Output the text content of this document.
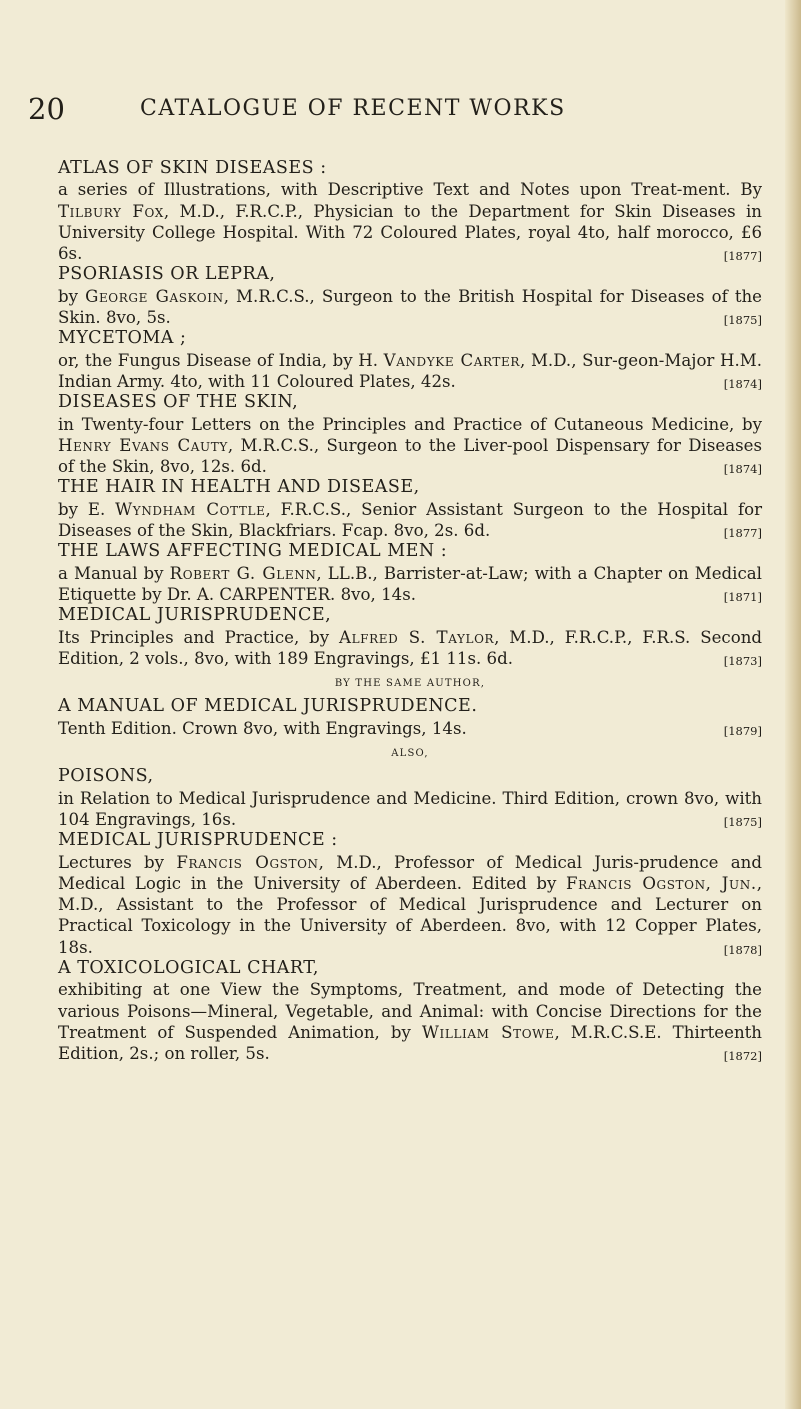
20	CATALOGUE OF RECENT WORKS
ATLAS OF SKIN DISEASES :
a series of Illustrations, with Descriptive Text and Notes upon Treat-ment. By Tilbury Fox, M.D., F.R.C.P., Physician to the Department for Skin Diseases in University College Hospital. With 72 Coloured Plates, royal 4to, half morocco, £6 6s.	[1877]
PSORIASIS OR LEPRA,
by George Gaskoin, M.R.C.S., Surgeon to the British Hospital for Diseases of the Skin. 8vo, 5s.	[1875]
MYCETOMA ;
or, the Fungus Disease of India, by H. Vandyke Carter, M.D., Sur-geon-Major H.M. Indian Army. 4to, with 11 Coloured Plates, 42s.	[1874]
DISEASES OF THE SKIN,
in Twenty-four Letters on the Principles and Practice of Cutaneous Medicine, by Henry Evans Cauty, M.R.C.S., Surgeon to the Liver-pool Dispensary for Diseases of the Skin, 8vo, 12s. 6d.	[1874]
THE HAIR IN HEALTH AND DISEASE,
by E. Wyndham Cottle, F.R.C.S., Senior Assistant Surgeon to the Hospital for Diseases of the Skin, Blackfriars. Fcap. 8vo, 2s. 6d.	[1877]
THE LAWS AFFECTING MEDICAL MEN :
a Manual by Robert G. Glenn, LL.B., Barrister-at-Law; with a Chapter on Medical Etiquette by Dr. A. CARPENTER. 8vo, 14s.	[1871]
MEDICAL JURISPRUDENCE,
Its Principles and Practice, by Alfred S. Taylor, M.D., F.R.C.P., F.R.S. Second Edition, 2 vols., 8vo, with 189 Engravings, £1 11s. 6d.	[1873]
BY THE SAME AUTHOR,
A MANUAL OF MEDICAL JURISPRUDENCE.
Tenth Edition. Crown 8vo, with Engravings, 14s.	[1879]
ALSO,
POISONS,
in Relation to Medical Jurisprudence and Medicine. Third Edition, crown 8vo, with 104 Engravings, 16s.	[1875]
MEDICAL JURISPRUDENCE :
Lectures by Francis Ogston, M.D., Professor of Medical Juris-prudence and Medical Logic in the University of Aberdeen. Edited by Francis Ogston, Jun., M.D., Assistant to the Professor of Medical Jurisprudence and Lecturer on Practical Toxicology in the University of Aberdeen. 8vo, with 12 Copper Plates, 18s.	[1878]
A TOXICOLOGICAL CHART,
exhibiting at one View the Symptoms, Treatment, and mode of Detecting the various Poisons—Mineral, Vegetable, and Animal: with Concise Directions for the Treatment of Suspended Animation, by William Stowe, M.R.C.S.E. Thirteenth Edition, 2s.; on roller, 5s.	[1872]
